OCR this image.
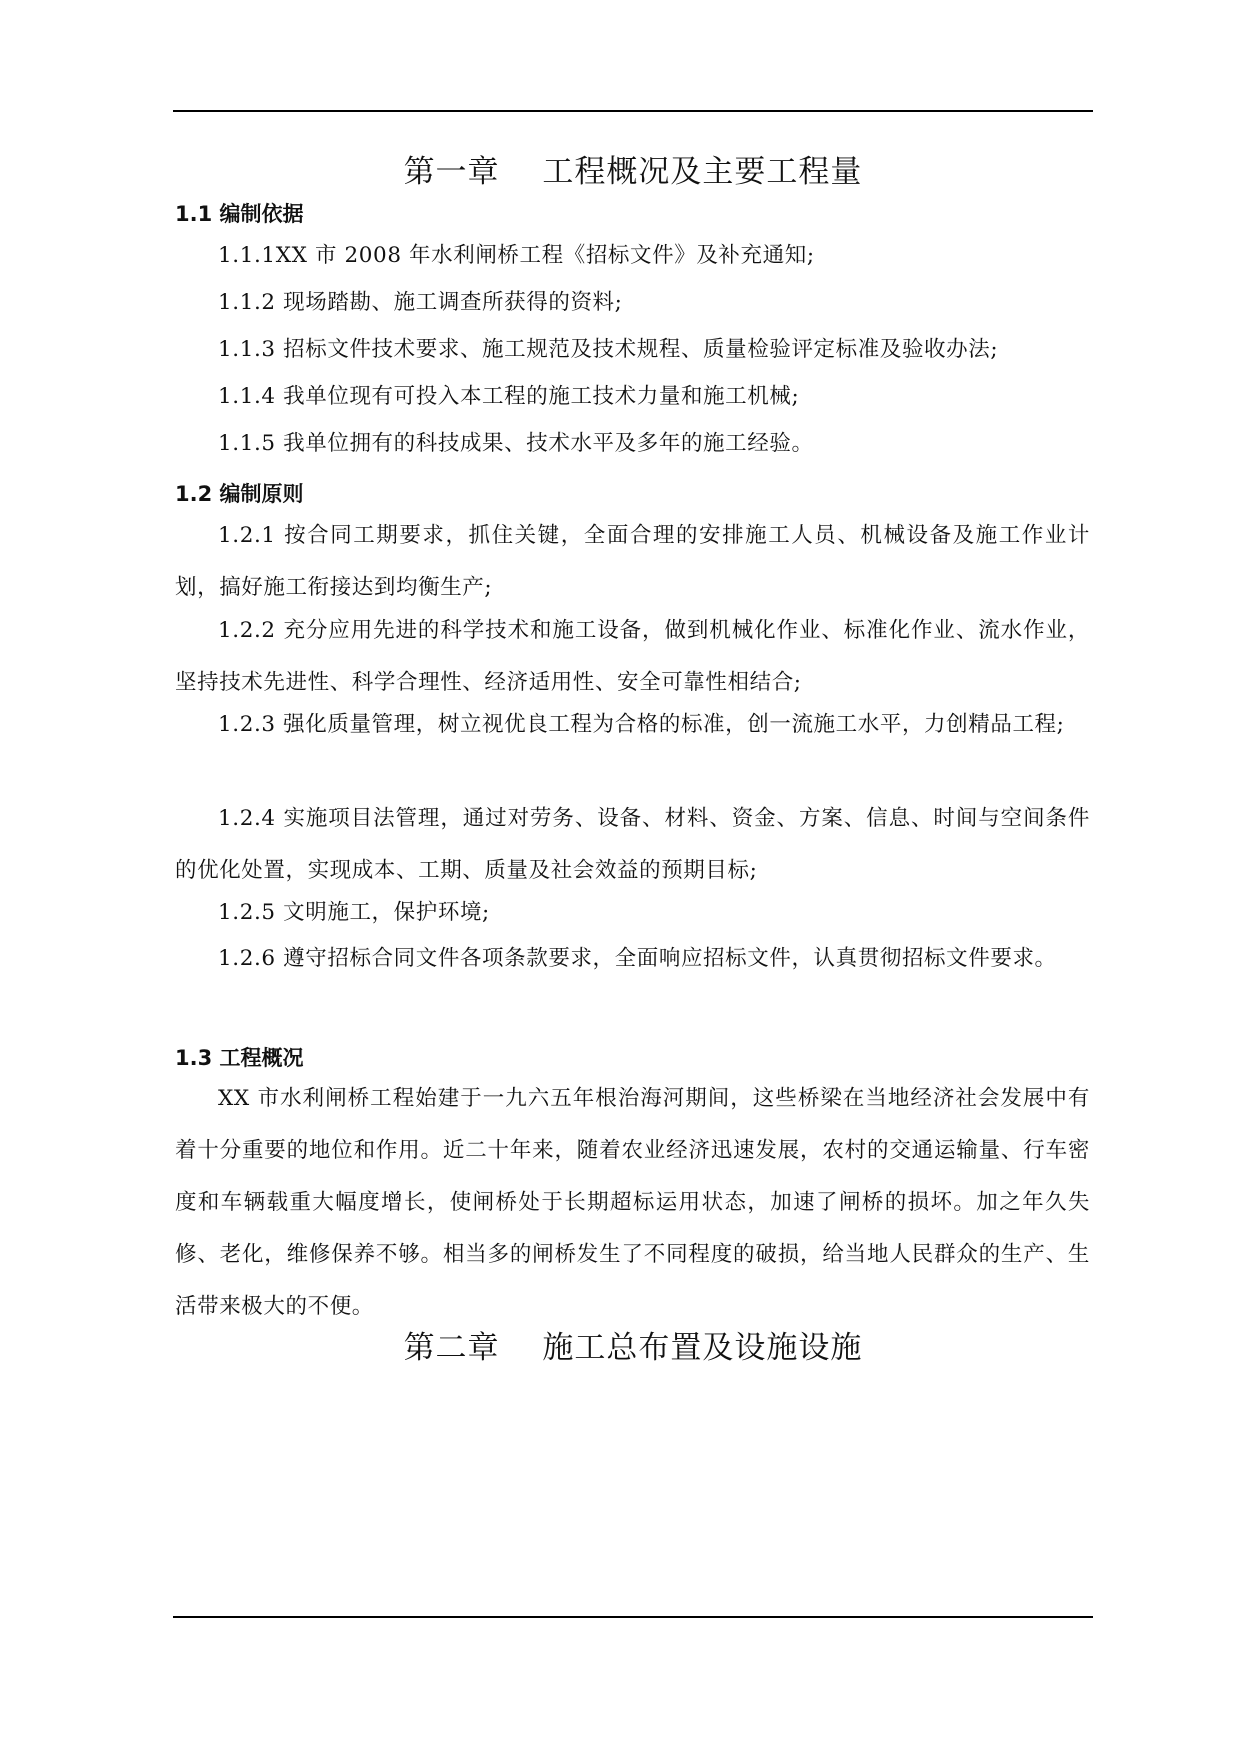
第一章　 工程概况及主要工程量
1.1 编制依据

1.1.1XX 市 2008 年水利闸桥工程《招标文件》及补充通知;

1.1.2 现场踏勘、施工调查所获得的资料;

1.1.3 招标文件技术要求、施工规范及技术规程、质量检验评定标准及验收办法;

1.1.4 我单位现有可投入本工程的施工技术力量和施工机械;

1.1.5 我单位拥有的科技成果、技术水平及多年的施工经验。

1.2 编制原则

1.2.1 按合同工期要求，抓住关键，全面合理的安排施工人员、机械设备及施工作业计划，搞好施工衔接达到均衡生产;

1.2.2 充分应用先进的科学技术和施工设备，做到机械化作业、标准化作业、流水作业，坚持技术先进性、科学合理性、经济适用性、安全可靠性相结合;

1.2.3 强化质量管理，树立视优良工程为合格的标准，创一流施工水平，力创精品工程;

1.2.4 实施项目法管理，通过对劳务、设备、材料、资金、方案、信息、时间与空间条件的优化处置，实现成本、工期、质量及社会效益的预期目标;

1.2.5 文明施工，保护环境;

1.2.6 遵守招标合同文件各项条款要求，全面响应招标文件，认真贯彻招标文件要求。

1.3 工程概况

XX 市水利闸桥工程始建于一九六五年根治海河期间，这些桥梁在当地经济社会发展中有着十分重要的地位和作用。近二十年来，随着农业经济迅速发展，农村的交通运输量、行车密度和车辆载重大幅度增长，使闸桥处于长期超标运用状态，加速了闸桥的损坏。加之年久失修、老化，维修保养不够。相当多的闸桥发生了不同程度的破损，给当地人民群众的生产、生活带来极大的不便。

第二章　 施工总布置及设施设施
